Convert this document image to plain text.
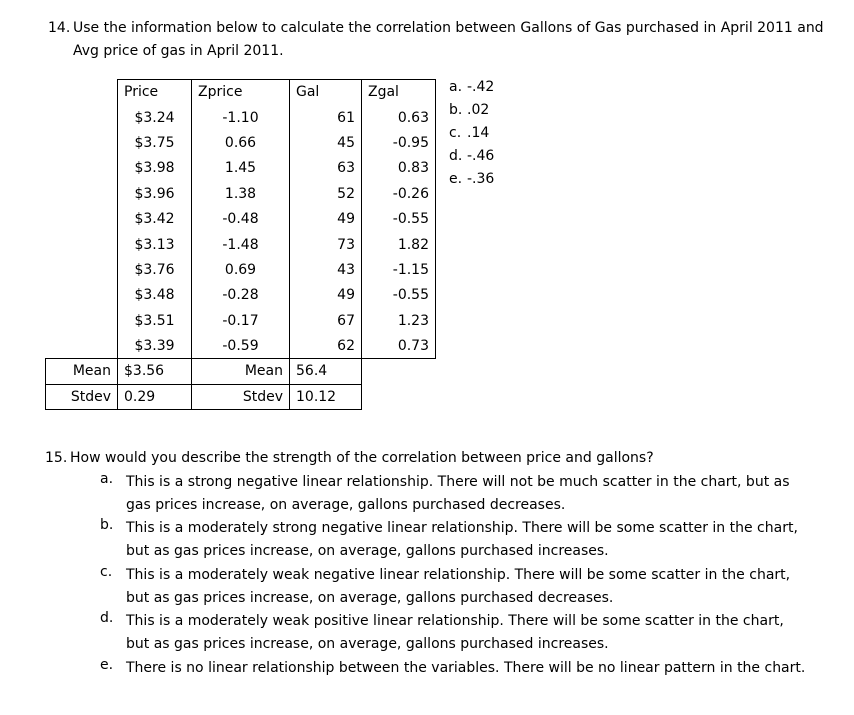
14. Use the information below to calculate the correlation between Gallons of Gas purchased in April 2011 and
Avg price of gas in April 2011.
	Price	Zprice	Gal	Zgal
	$3.24	-1.10	61	0.63
	$3.75	0.66	45	-0.95
	$3.98	1.45	63	0.83
	$3.96	1.38	52	-0.26
	$3.42	-0.48	49	-0.55
	$3.13	-1.48	73	1.82
	$3.76	0.69	43	-1.15
	$3.48	-0.28	49	-0.55
	$3.51	-0.17	67	1.23
	$3.39	-0.59	62	0.73
Mean	$3.56	Mean	56.4	
Stdev	0.29	Stdev	10.12	
a. -.42
b. .02
c. .14
d. -.46
e. -.36
15. How would you describe the strength of the correlation between price and gallons?
a. This is a strong negative linear relationship. There will not be much scatter in the chart, but as gas prices increase, on average, gallons purchased decreases.
b. This is a moderately strong negative linear relationship. There will be some scatter in the chart, but as gas prices increase, on average, gallons purchased increases.
c. This is a moderately weak negative linear relationship. There will be some scatter in the chart, but as gas prices increase, on average, gallons purchased decreases.
d. This is a moderately weak positive linear relationship. There will be some scatter in the chart, but as gas prices increase, on average, gallons purchased increases.
e. There is no linear relationship between the variables. There will be no linear pattern in the chart.
